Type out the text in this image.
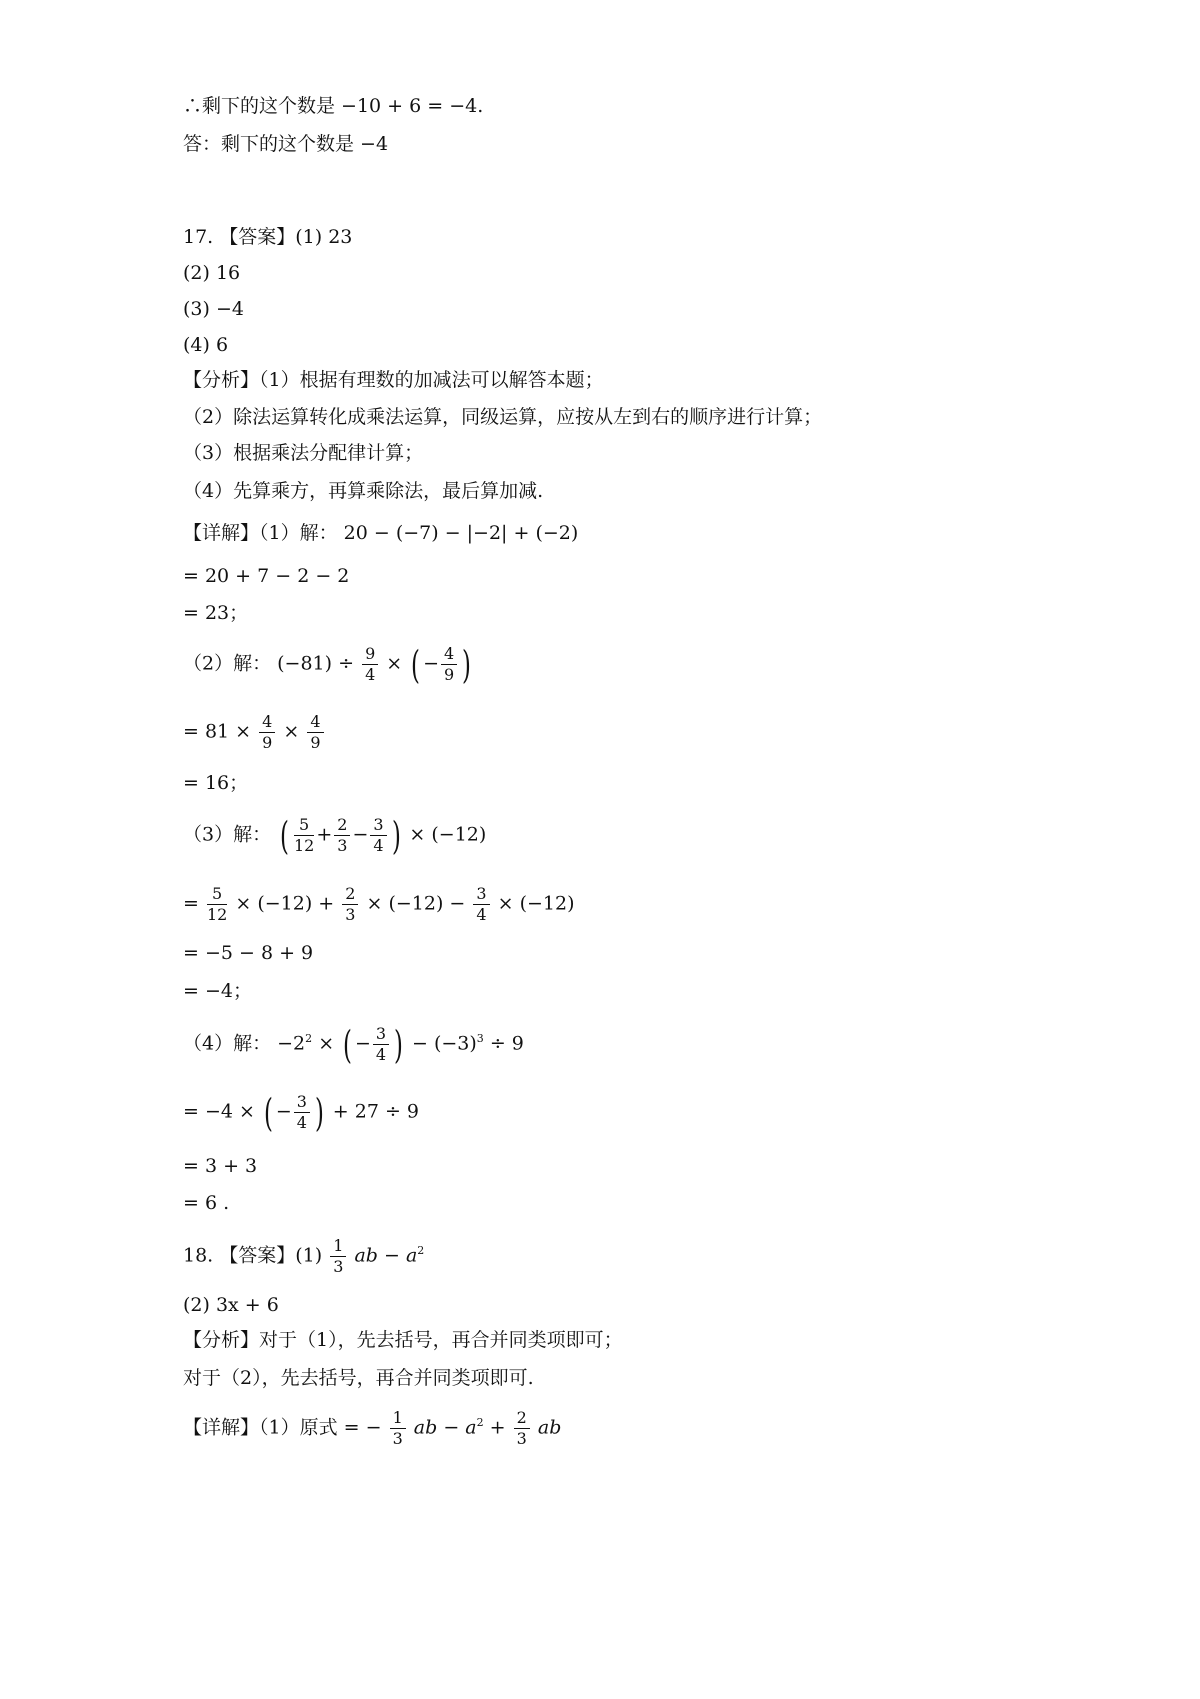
∴剩下的这个数是 −10 + 6 = −4.
答：剩下的这个数是 −4
17. 【答案】(1) 23
(2) 16
(3) −4
(4) 6
【分析】（1）根据有理数的加减法可以解答本题；
（2）除法运算转化成乘法运算，同级运算，应按从左到右的顺序进行计算；
（3）根据乘法分配律计算；
（4）先算乘方，再算乘除法，最后算加减.
【详解】（1）解： 20 − (−7) − |−2| + (−2)
= 20 + 7 − 2 − 2
= 23；
（2）解： $(-81) \div \frac{9}{4}$ × ( − $\frac{4}{9}$ )
= $81 \times \frac{4}{9} \times \frac{4}{9}$
= 16；
（3）解： ( $\frac{5}{12} + \frac{2}{3} - \frac{3}{4}$ ) × (−12)
= $\frac{5}{12} \times (-12) + \frac{2}{3} \times (-12) - \frac{3}{4} \times (-12)$
= −5 − 8 + 9
= −4；
（4）解： $-2^2$ × ( − $\frac{3}{4}$ ) − $(-3)^3 \div 9$
= −4 × ( − $\frac{3}{4}$ ) + 27 ÷ 9
= 3 + 3
= 6 .
18. 【答案】$(1) \frac{1}{3}$ ab − $a^2$
(2) 3x + 6
【分析】对于（1），先去括号，再合并同类项即可；
对于（2），先去括号，再合并同类项即可.
【详解】（1）原式 = − $\frac{1}{3}$ ab − $a^2 + \frac{2}{3}$ ab
